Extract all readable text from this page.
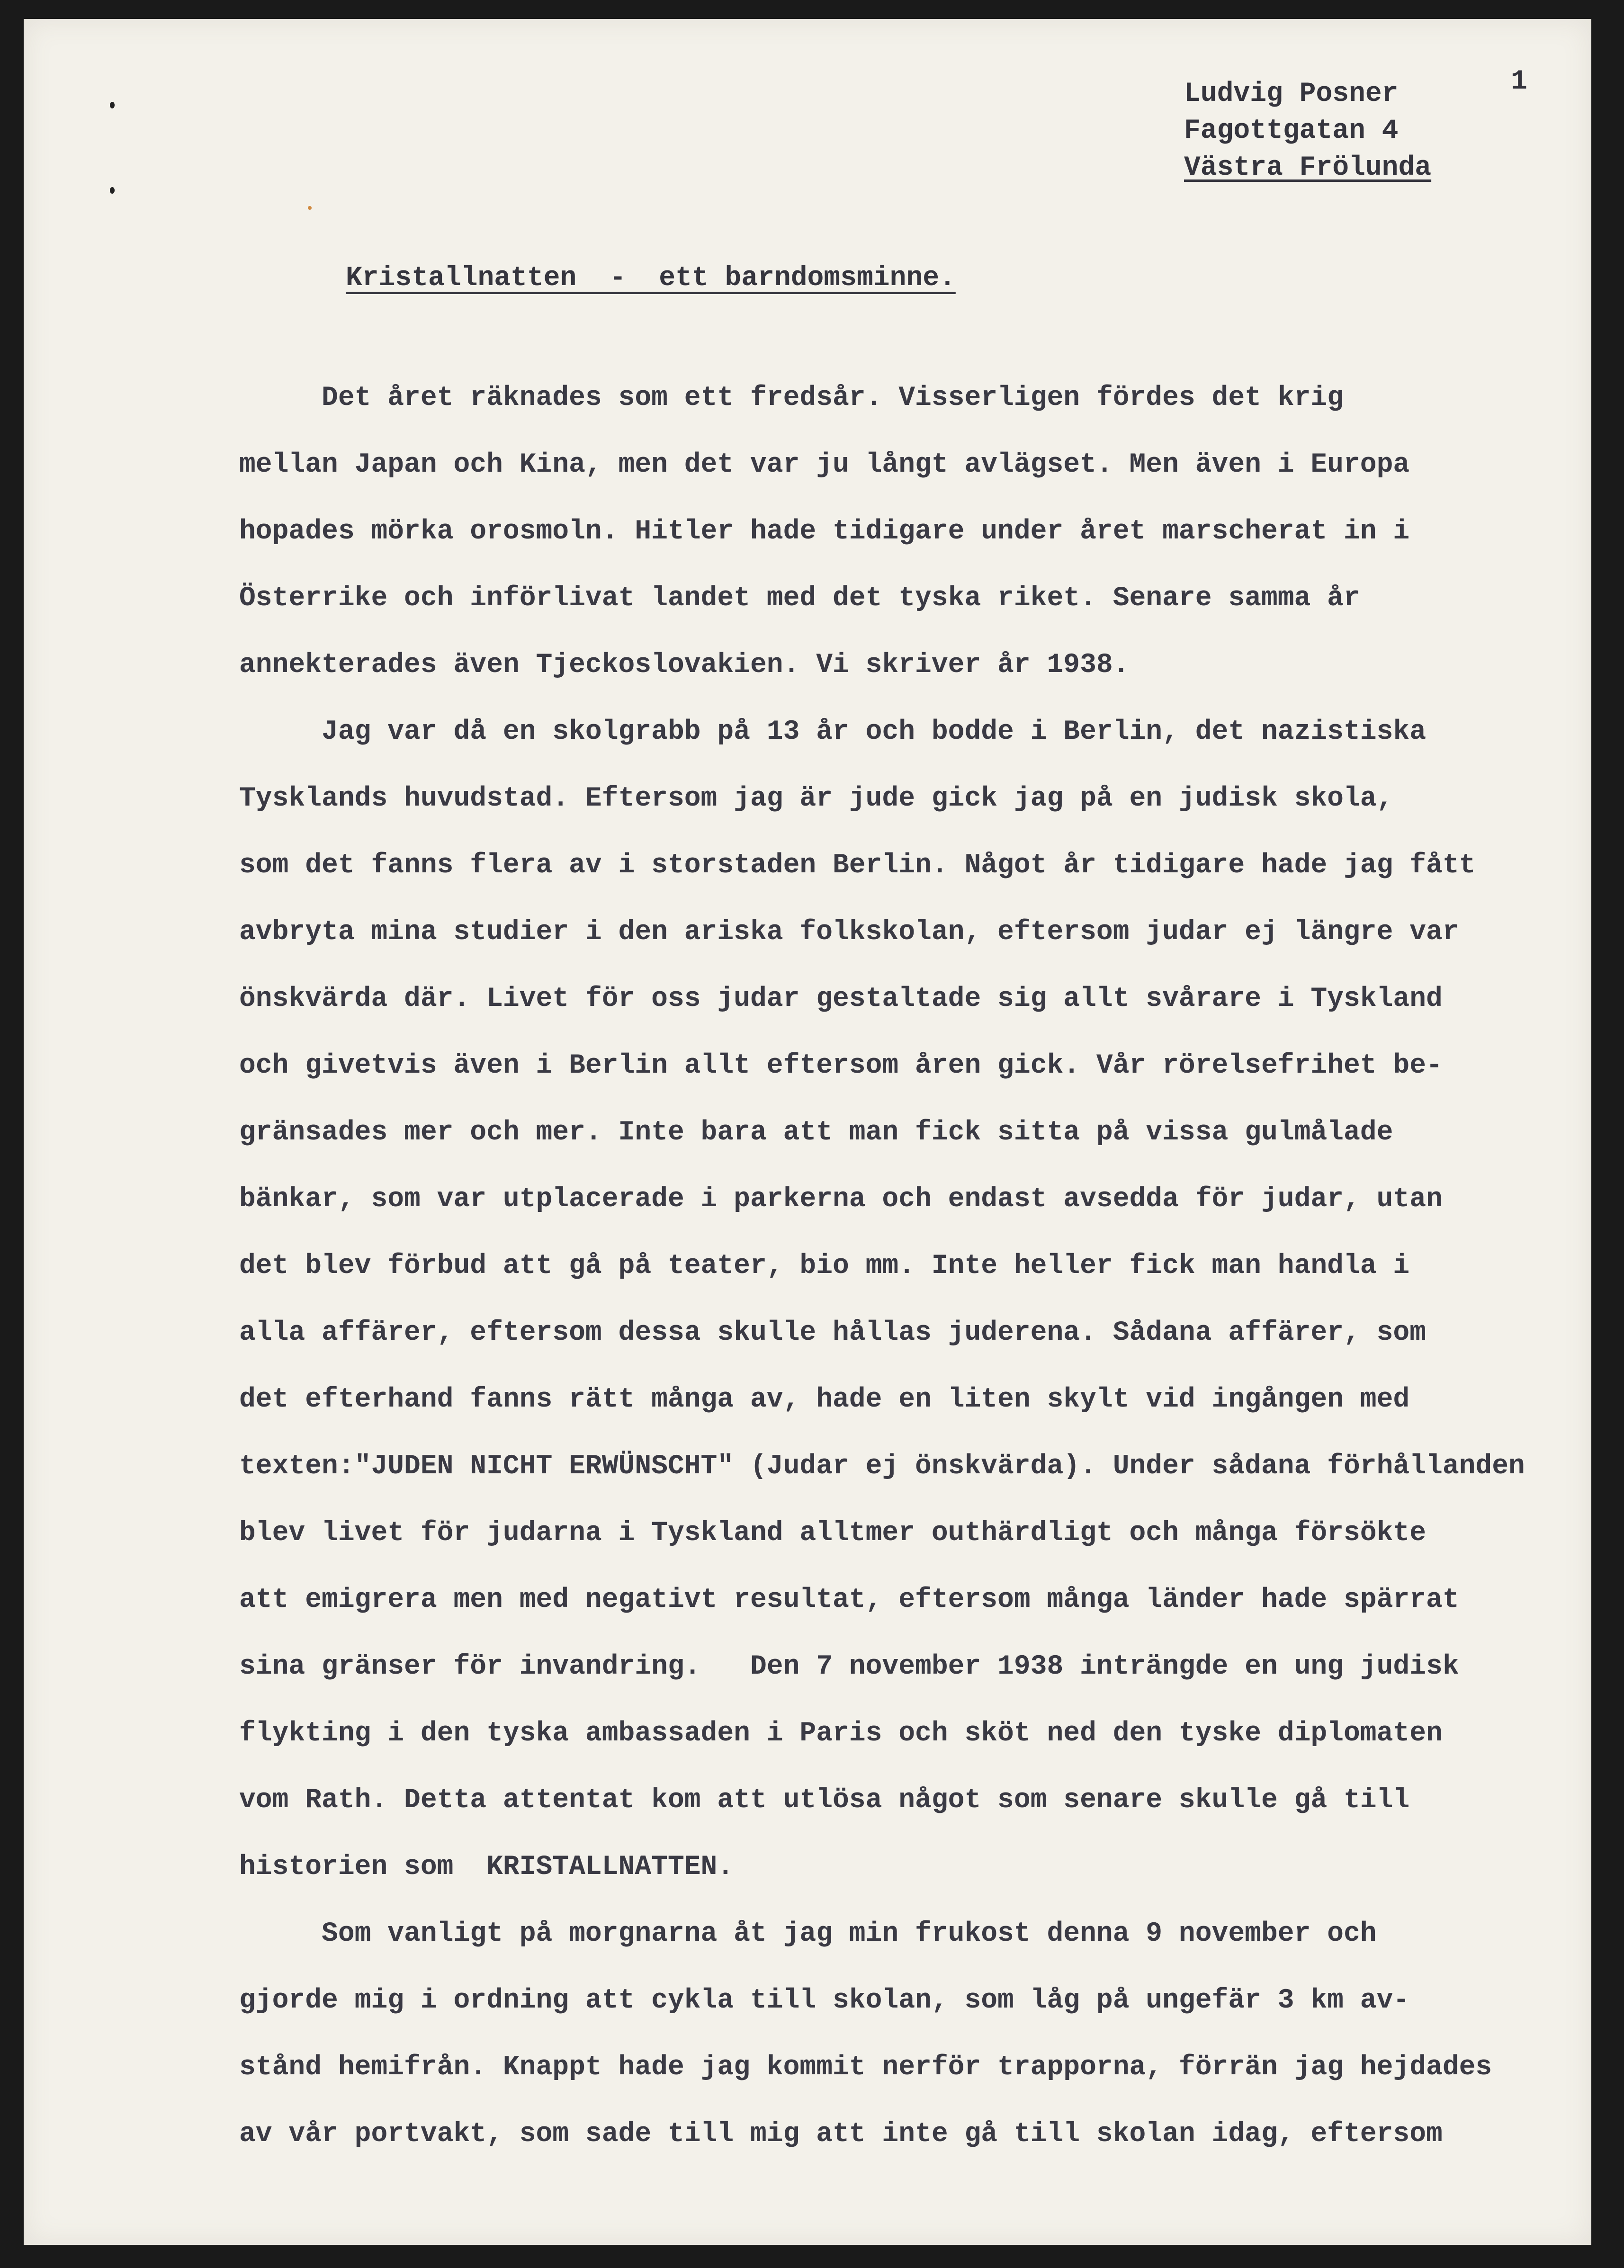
1
Ludvig Posner
Fagottgatan 4
Västra Frölunda
Kristallnatten  -  ett barndomsminne.
Det året räknades som ett fredsår. Visserligen fördes det krig
mellan Japan och Kina, men det var ju långt avlägset. Men även i Europa
hopades mörka orosmoln. Hitler hade tidigare under året marscherat in i
Österrike och införlivat landet med det tyska riket. Senare samma år
annekterades även Tjeckoslovakien. Vi skriver år 1938.
Jag var då en skolgrabb på 13 år och bodde i Berlin, det nazistiska
Tysklands huvudstad. Eftersom jag är jude gick jag på en judisk skola,
som det fanns flera av i storstaden Berlin. Något år tidigare hade jag fått
avbryta mina studier i den ariska folkskolan, eftersom judar ej längre var
önskvärda där. Livet för oss judar gestaltade sig allt svårare i Tyskland
och givetvis även i Berlin allt eftersom åren gick. Vår rörelsefrihet be-
gränsades mer och mer. Inte bara att man fick sitta på vissa gulmålade
bänkar, som var utplacerade i parkerna och endast avsedda för judar, utan
det blev förbud att gå på teater, bio mm. Inte heller fick man handla i
alla affärer, eftersom dessa skulle hållas juderena. Sådana affärer, som
det efterhand fanns rätt många av, hade en liten skylt vid ingången med
texten:"JUDEN NICHT ERWÜNSCHT" (Judar ej önskvärda). Under sådana förhållanden
blev livet för judarna i Tyskland alltmer outhärdligt och många försökte
att emigrera men med negativt resultat, eftersom många länder hade spärrat
sina gränser för invandring.   Den 7 november 1938 inträngde en ung judisk
flykting i den tyska ambassaden i Paris och sköt ned den tyske diplomaten
vom Rath. Detta attentat kom att utlösa något som senare skulle gå till
historien som  KRISTALLNATTEN.
Som vanligt på morgnarna åt jag min frukost denna 9 november och
gjorde mig i ordning att cykla till skolan, som låg på ungefär 3 km av-
stånd hemifrån. Knappt hade jag kommit nerför trapporna, förrän jag hejdades
av vår portvakt, som sade till mig att inte gå till skolan idag, eftersom
